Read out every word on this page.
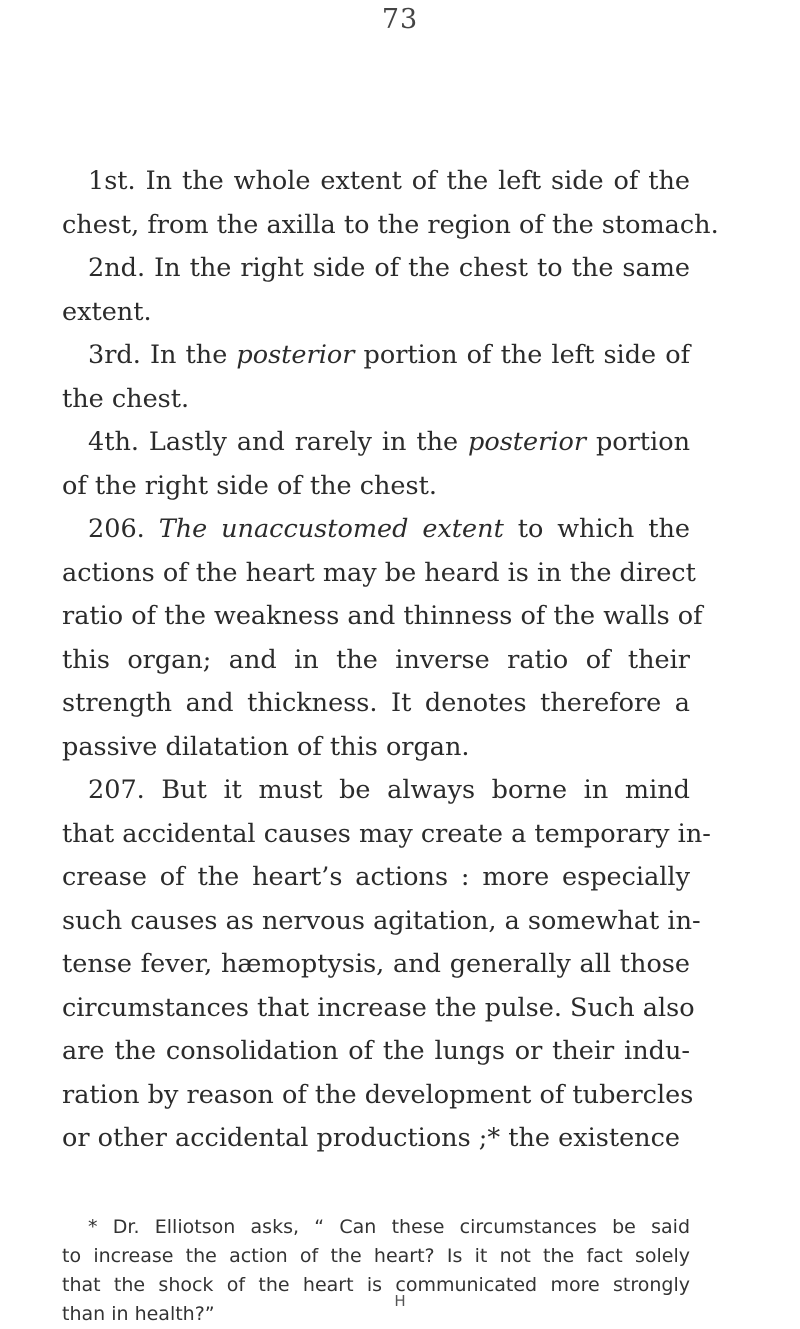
73
1st. In the whole extent of the left side of the
chest, from the axilla to the region of the stomach.
2nd. In the right side of the chest to the same
extent.
3rd. In the posterior portion of the left side of
the chest.
4th. Lastly and rarely in the posterior portion
of the right side of the chest.
206. The unaccustomed extent to which the
actions of the heart may be heard is in the direct
ratio of the weakness and thinness of the walls of
this organ; and in the inverse ratio of their
strength and thickness. It denotes therefore a
passive dilatation of this organ.
207. But it must be always borne in mind
that accidental causes may create a temporary in-
crease of the heart’s actions : more especially
such causes as nervous agitation, a somewhat in-
tense fever, hæmoptysis, and generally all those
circumstances that increase the pulse. Such also
are the consolidation of the lungs or their indu-
ration by reason of the development of tubercles
or other accidental productions ;* the existence
* Dr. Elliotson asks, “ Can these circumstances be said
to increase the action of the heart? Is it not the fact solely
that the shock of the heart is communicated more strongly
than in health?”
H
